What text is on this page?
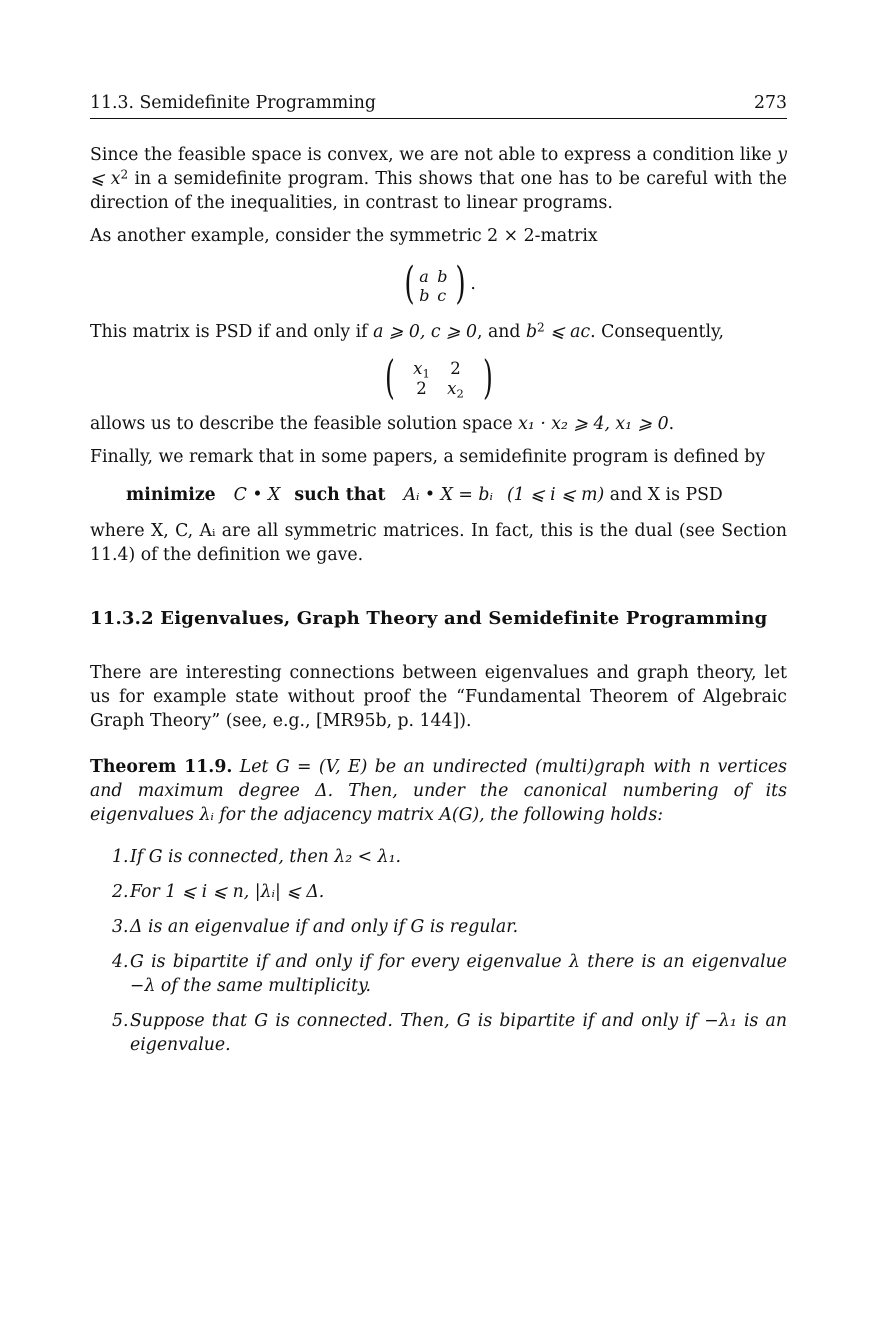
11.3. Semidefinite Programming	273

Since the feasible space is convex, we are not able to express a condition like y ⩽ $x^2$ in a semidefinite program. This shows that one has to be careful with the direction of the inequalities, in contrast to linear programs.

As another example, consider the symmetric 2 × 2-matrix

( a b
b c ) .

This matrix is PSD if and only if a ⩾ 0, c ⩾ 0, and $b^2$ ⩽ ac. Consequently,

(	$x_1$	2
2	$x_2$ )

allows us to describe the feasible solution space x₁ · x₂ ⩾ 4, x₁ ⩾ 0.

Finally, we remark that in some papers, a semidefinite program is defined by

minimize C • X such that Aᵢ • X = bᵢ (1 ⩽ i ⩽ m) and X is PSD

where X, C, Aᵢ are all symmetric matrices. In fact, this is the dual (see Section 11.4) of the definition we gave.

11.3.2 Eigenvalues, Graph Theory and Semidefinite Programming

There are interesting connections between eigenvalues and graph theory, let us for example state without proof the “Fundamental Theorem of Algebraic Graph Theory” (see, e.g., [MR95b, p. 144]).

Theorem 11.9. Let G = (V, E) be an undirected (multi)graph with n vertices and maximum degree Δ. Then, under the canonical numbering of its eigenvalues λᵢ for the adjacency matrix A(G), the following holds:

1. If G is connected, then λ₂ < λ₁.
2. For 1 ⩽ i ⩽ n, |λᵢ| ⩽ Δ.
3. Δ is an eigenvalue if and only if G is regular.
4. G is bipartite if and only if for every eigenvalue λ there is an eigenvalue −λ of the same multiplicity.
5. Suppose that G is connected. Then, G is bipartite if and only if −λ₁ is an eigenvalue.
